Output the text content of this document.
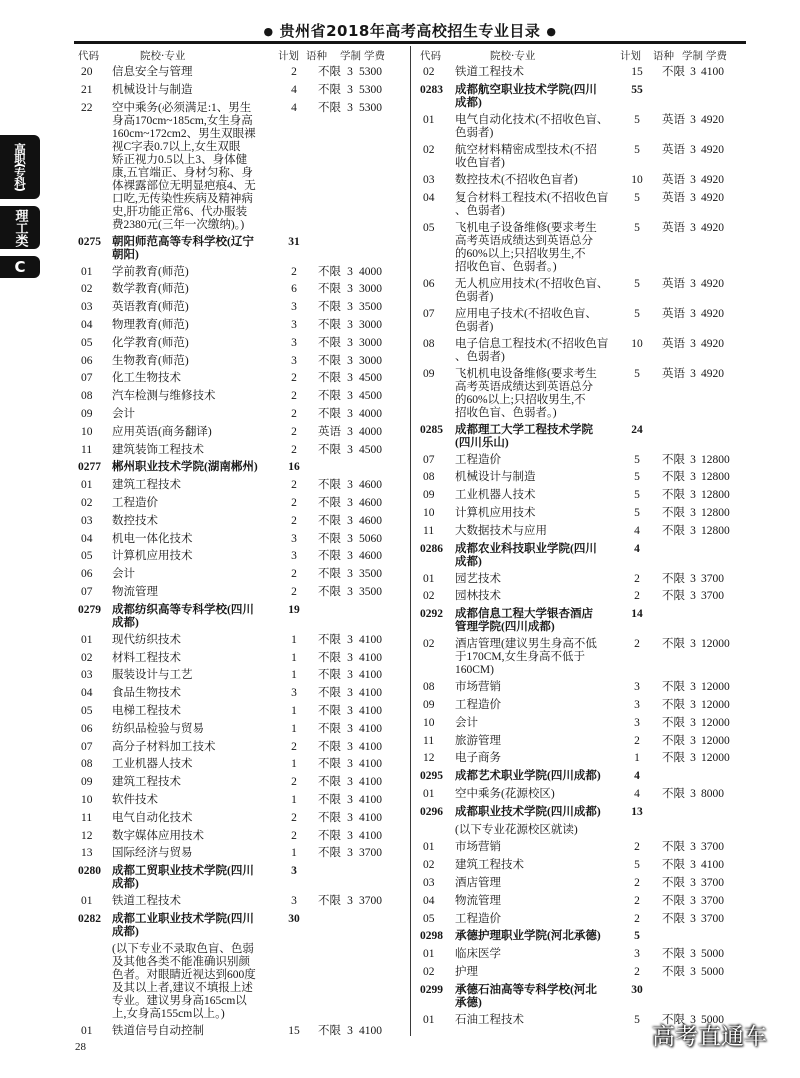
● 贵州省2018年高考高校招生专业目录 ●
高职(专科)
理工类
C
代码	院校·专业	计划 语种	学制 学费
20	信息安全与管理	2	不限 3 5300
21	机械设计与制造	4	不限 3 5300
22	空中乘务(必须满足:1、男生
身高170cm~185cm,女生身高
160cm~172cm2、男生双眼裸
视C字表0.7以上,女生双眼
矫正视力0.5以上3、身体健
康,五官端正、身材匀称、身
体裸露部位无明显疤痕4、无
口吃,无传染性疾病及精神病
史,肝功能正常6、代办服装
费2380元(三年一次缴纳)。)
4	不限 3 5300
0275 朝阳师范高等专科学校(辽宁
朝阳)
31
01	学前教育(师范)	2	不限 3 4000
02	数学教育(师范)	6	不限 3 3000
03	英语教育(师范)	3	不限 3 3500
04	物理教育(师范)	3	不限 3 3000
05	化学教育(师范)	3	不限 3 3000
06	生物教育(师范)	3	不限 3 3000
07	化工生物技术	2	不限 3 4500
08	汽车检测与维修技术	2	不限 3 4500
09	会计	2	不限 3 4000
10	应用英语(商务翻译)	2	英语 3 4000
11	建筑装饰工程技术	2	不限 3 4500
0277 郴州职业技术学院(湖南郴州)	16
01	建筑工程技术	2	不限 3 4600
02	工程造价	2	不限 3 4600
03	数控技术	2	不限 3 4600
04	机电一体化技术	3	不限 3 5060
05	计算机应用技术	3	不限 3 4600
06	会计	2	不限 3 3500
07	物流管理	2	不限 3 3500
0279 成都纺织高等专科学校(四川
成都)
19
01	现代纺织技术	1	不限 3 4100
02	材料工程技术	1	不限 3 4100
03	服装设计与工艺	1	不限 3 4100
04	食品生物技术	3	不限 3 4100
05	电梯工程技术	1	不限 3 4100
06	纺织品检验与贸易	1	不限 3 4100
07	高分子材料加工技术	2	不限 3 4100
08	工业机器人技术	1	不限 3 4100
09	建筑工程技术	2	不限 3 4100
10	软件技术	1	不限 3 4100
11	电气自动化技术	2	不限 3 4100
12	数字媒体应用技术	2	不限 3 4100
13	国际经济与贸易	1	不限 3 3700
0280 成都工贸职业技术学院(四川
成都)
3
01	铁道工程技术	3	不限 3 3700
0282 成都工业职业技术学院(四川
成都)
30
(以下专业不录取色盲、色弱
及其他各类不能准确识别颜
色者。对眼睛近视达到600度
及其以上者,建议不填报上述
专业。建议男身高165cm以
上,女身高155cm以上。)
01	铁道信号自动控制	15	不限 3 4100
代码	院校·专业	计划	语种 学制 学费
02	铁道工程技术	15	不限 3 4100
0283	成都航空职业技术学院(四川
成都)
55
01	电气自动化技术(不招收色盲、
色弱者)
5	英语 3 4920
02	航空材料精密成型技术(不招
收色盲者)
5	英语 3 4920
03	数控技术(不招收色盲者)	10	英语 3 4920
04	复合材料工程技术(不招收色盲
、色弱者)
5	英语 3 4920
05	飞机电子设备维修(要求考生
高考英语成绩达到英语总分
的60%以上;只招收男生,不
招收色盲、色弱者。)
5	英语 3 4920
06	无人机应用技术(不招收色盲、
色弱者)
5	英语 3 4920
07	应用电子技术(不招收色盲、
色弱者)
5	英语 3 4920
08	电子信息工程技术(不招收色盲
、色弱者)
10	英语 3 4920
09	飞机机电设备维修(要求考生
高考英语成绩达到英语总分
的60%以上;只招收男生,不
招收色盲、色弱者。)
5	英语 3 4920
0285	成都理工大学工程技术学院
(四川乐山)
24
07	工程造价	5	不限 3 12800
08	机械设计与制造	5	不限 3 12800
09	工业机器人技术	5	不限 3 12800
10	计算机应用技术	5	不限 3 12800
11	大数据技术与应用	4	不限 3 12800
0286	成都农业科技职业学院(四川
成都)
4
01	园艺技术	2	不限 3 3700
02	园林技术	2	不限 3 3700
0292	成都信息工程大学银杏酒店
管理学院(四川成都)
14
02	酒店管理(建议男生身高不低
于170CM,女生身高不低于
160CM)
2	不限 3 12000
08	市场营销	3	不限 3 12000
09	工程造价	3	不限 3 12000
10	会计	3	不限 3 12000
11	旅游管理	2	不限 3 12000
12	电子商务	1	不限 3 12000
0295	成都艺术职业学院(四川成都)	4
01	空中乘务(花源校区)	4	不限 3 8000
0296	成都职业技术学院(四川成都)	13
(以下专业花源校区就读)
01	市场营销	2	不限 3 3700
02	建筑工程技术	5	不限 3 4100
03	酒店管理	2	不限 3 3700
04	物流管理	2	不限 3 3700
05	工程造价	2	不限 3 3700
0298	承德护理职业学院(河北承德)	5
01	临床医学	3	不限 3 5000
02	护理	2	不限 3 5000
0299	承德石油高等专科学校(河北
承德)
30
01	石油工程技术	5	不限 3 5000
28	高考直通车
